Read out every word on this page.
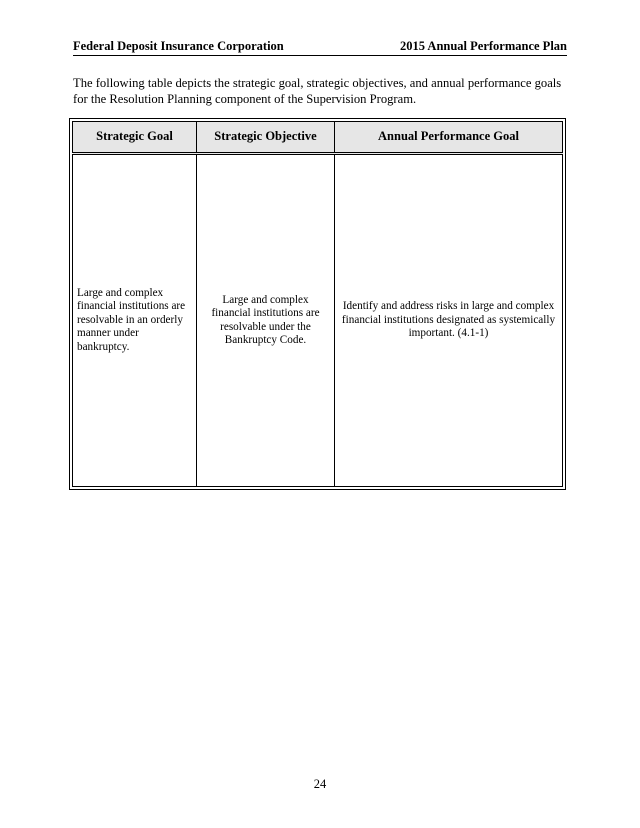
Federal Deposit Insurance Corporation	2015 Annual Performance Plan
The following table depicts the strategic goal, strategic objectives, and annual performance goals for the Resolution Planning component of the Supervision Program.
Strategic Goal	Strategic Objective	Annual Performance Goal
Large and complex financial institutions are resolvable in an orderly manner under bankruptcy.	Large and complex financial institutions are resolvable under the Bankruptcy Code.	Identify and address risks in large and complex financial institutions designated as systemically important. (4.1-1)
24
